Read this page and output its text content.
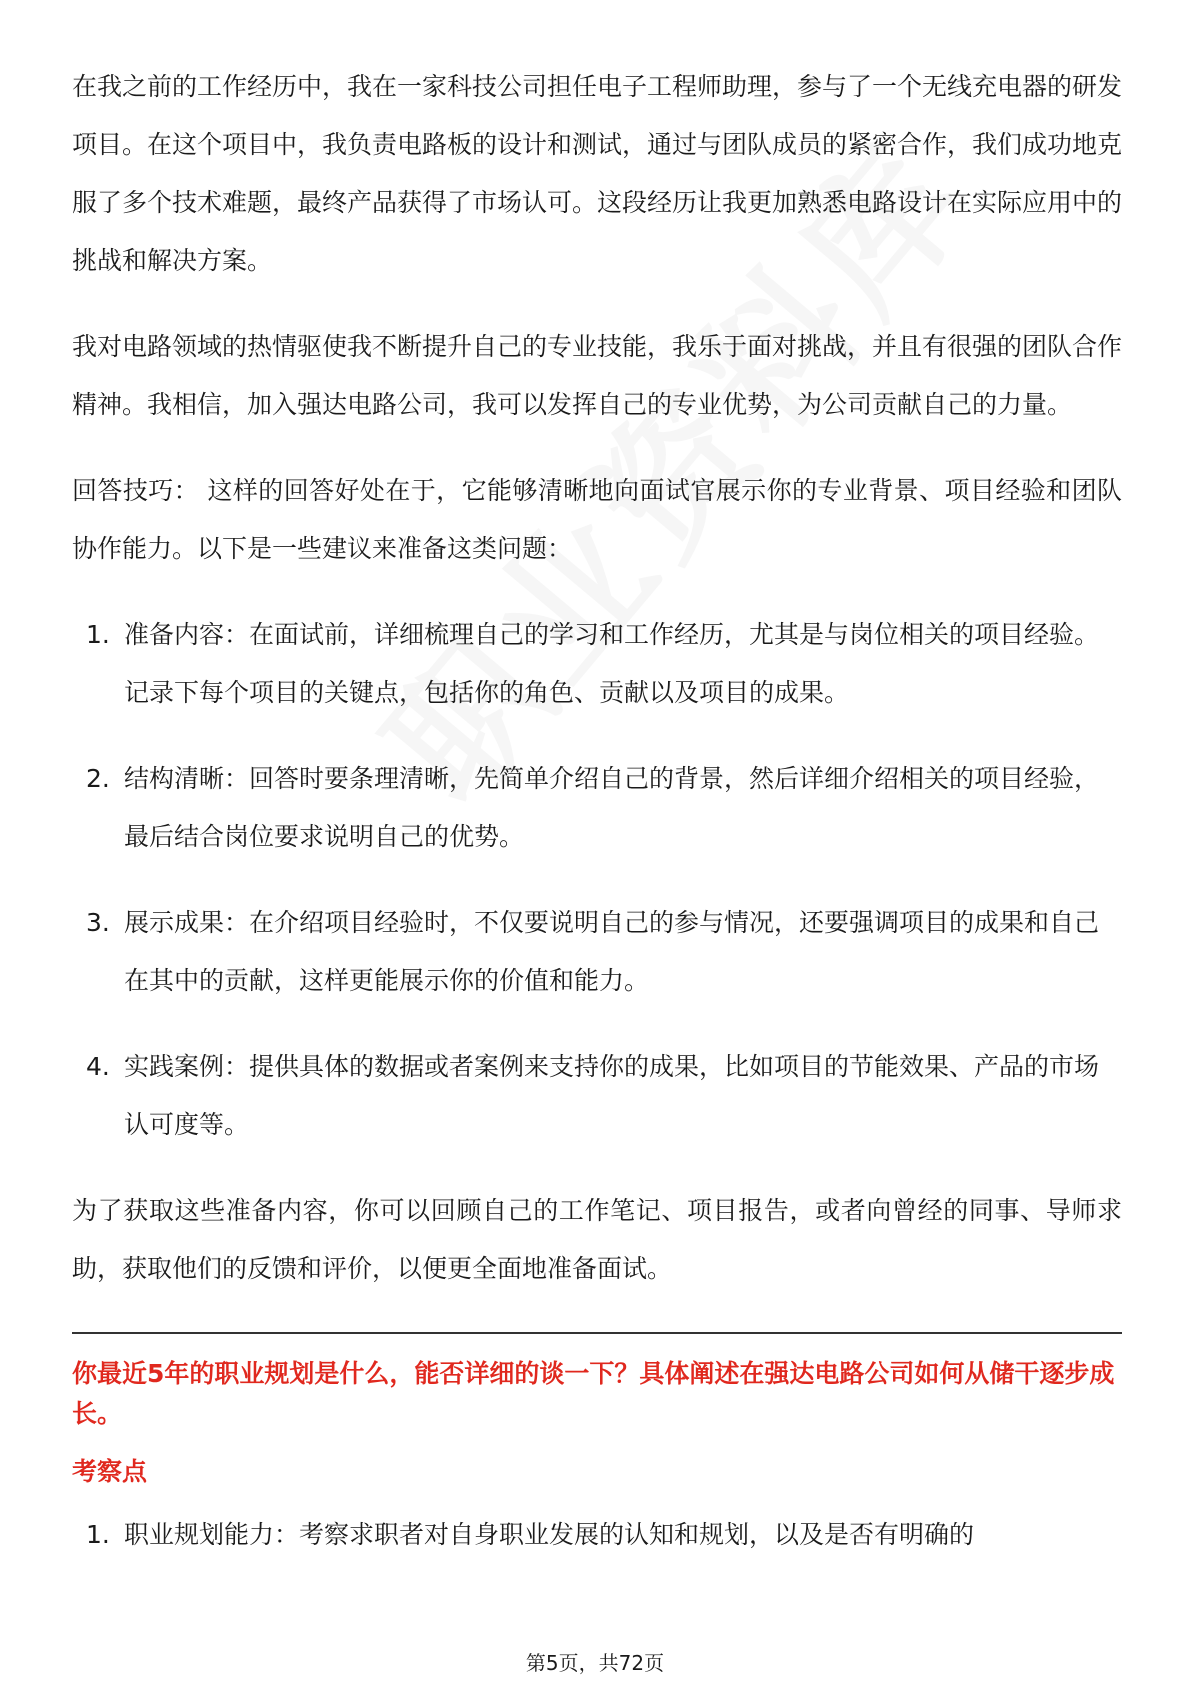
在我之前的工作经历中，我在一家科技公司担任电子工程师助理，参与了一个无线充电器的研发项目。在这个项目中，我负责电路板的设计和测试，通过与团队成员的紧密合作，我们成功地克服了多个技术难题，最终产品获得了市场认可。这段经历让我更加熟悉电路设计在实际应用中的挑战和解决方案。

我对电路领域的热情驱使我不断提升自己的专业技能，我乐于面对挑战，并且有很强的团队合作精神。我相信，加入强达电路公司，我可以发挥自己的专业优势，为公司贡献自己的力量。

回答技巧： 这样的回答好处在于，它能够清晰地向面试官展示你的专业背景、项目经验和团队协作能力。以下是一些建议来准备这类问题：

1. 准备内容：在面试前，详细梳理自己的学习和工作经历，尤其是与岗位相关的项目经验。记录下每个项目的关键点，包括你的角色、贡献以及项目的成果。
2. 结构清晰：回答时要条理清晰，先简单介绍自己的背景，然后详细介绍相关的项目经验，最后结合岗位要求说明自己的优势。
3. 展示成果：在介绍项目经验时，不仅要说明自己的参与情况，还要强调项目的成果和自己在其中的贡献，这样更能展示你的价值和能力。
4. 实践案例：提供具体的数据或者案例来支持你的成果，比如项目的节能效果、产品的市场认可度等。

为了获取这些准备内容，你可以回顾自己的工作笔记、项目报告，或者向曾经的同事、导师求助，获取他们的反馈和评价，以便更全面地准备面试。

你最近5年的职业规划是什么，能否详细的谈一下？具体阐述在强达电路公司如何从储干逐步成长。
考察点
1. 职业规划能力：考察求职者对自身职业发展的认知和规划，以及是否有明确的
第5页，共72页
